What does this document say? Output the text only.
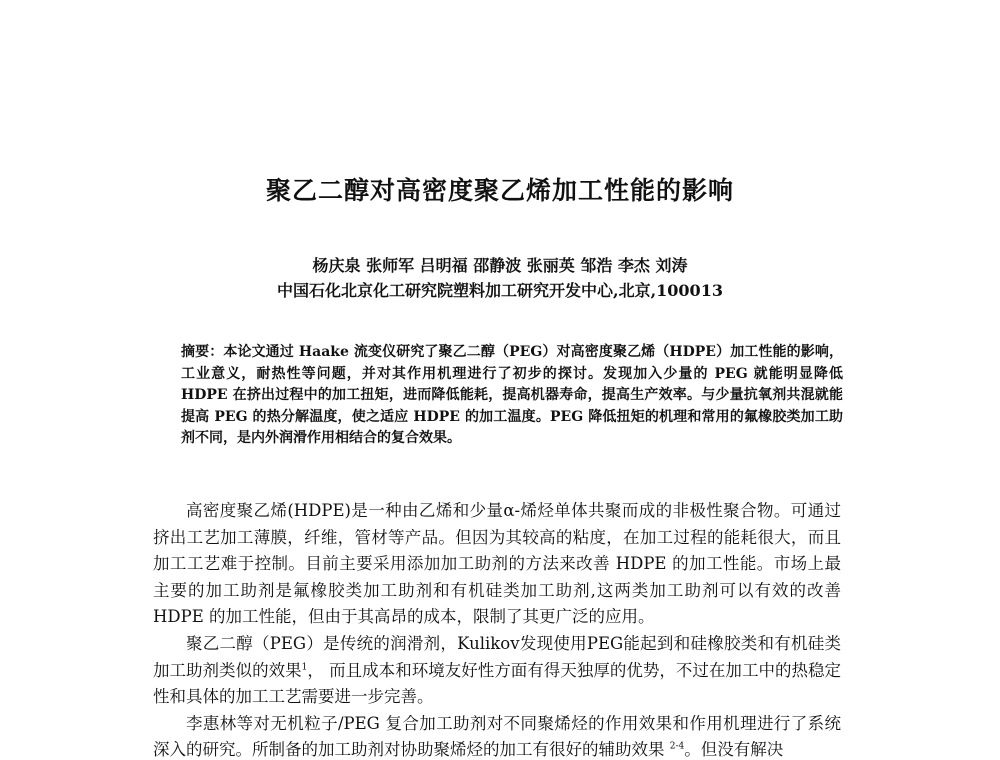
聚乙二醇对高密度聚乙烯加工性能的影响
杨庆泉 张师军 吕明福 邵静波 张丽英 邹浩 李杰 刘涛
中国石化北京化工研究院塑料加工研究开发中心,北京,100013
摘要：本论文通过 Haake 流变仪研究了聚乙二醇（PEG）对高密度聚乙烯（HDPE）加工性能的影响，工业意义，耐热性等问题，并对其作用机理进行了初步的探讨。发现加入少量的 PEG 就能明显降低 HDPE 在挤出过程中的加工扭矩，进而降低能耗，提高机器寿命，提高生产效率。与少量抗氧剂共混就能提高 PEG 的热分解温度，使之适应 HDPE 的加工温度。PEG 降低扭矩的机理和常用的氟橡胶类加工助剂不同，是内外润滑作用相结合的复合效果。

高密度聚乙烯(HDPE)是一种由乙烯和少量α-烯烃单体共聚而成的非极性聚合物。可通过挤出工艺加工薄膜，纤维，管材等产品。但因为其较高的粘度，在加工过程的能耗很大，而且加工工艺难于控制。目前主要采用添加加工助剂的方法来改善 HDPE 的加工性能。市场上最主要的加工助剂是氟橡胶类加工助剂和有机硅类加工助剂,这两类加工助剂可以有效的改善 HDPE 的加工性能，但由于其高昂的成本，限制了其更广泛的应用。

聚乙二醇（PEG）是传统的润滑剂，Kulikov发现使用PEG能起到和硅橡胶类和有机硅类加工助剂类似的效果$^1$， 而且成本和环境友好性方面有得天独厚的优势，不过在加工中的热稳定性和具体的加工工艺需要进一步完善。

李惠林等对无机粒子/PEG 复合加工助剂对不同聚烯烃的作用效果和作用机理进行了系统深入的研究。所制备的加工助剂对协助聚烯烃的加工有很好的辅助效果 $^{2-4}$。但没有解决
